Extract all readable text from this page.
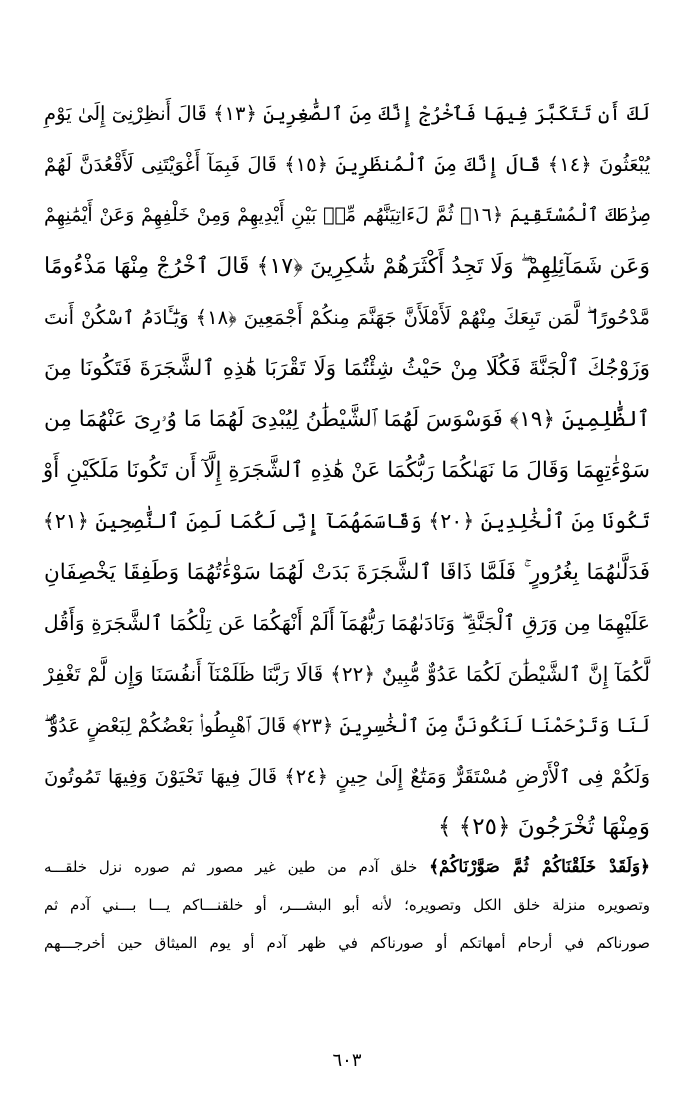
لَكَ أَن تَتَكَبَّرَ فِيهَا فَٱخْرُجْ إِنَّكَ مِنَ ٱلصَّٰغِرِينَ ﴿١٣﴾ قَالَ أَنظِرْنِىٓ إِلَىٰ يَوْمِ
يُبْعَثُونَ ﴿١٤﴾ قَالَ إِنَّكَ مِنَ ٱلْمُنظَرِينَ ﴿١٥﴾ قَالَ فَبِمَآ أَغْوَيْتَنِى لَأَقْعُدَنَّ لَهُمْ
صِرَٰطَكَ ٱلْمُسْتَقِيمَ ﴿١٦﴾ ثُمَّ لَءَاتِيَنَّهُم مِّنۢ بَيْنِ أَيْدِيهِمْ وَمِنْ خَلْفِهِمْ وَعَنْ أَيْمَٰنِهِمْ
وَعَن شَمَآئِلِهِمْ ۖ وَلَا تَجِدُ أَكْثَرَهُمْ شَٰكِرِينَ ﴿١٧﴾ قَالَ ٱخْرُجْ مِنْهَا مَذْءُومًا
مَّدْحُورًا ۖ لَّمَن تَبِعَكَ مِنْهُمْ لَأَمْلَأَنَّ جَهَنَّمَ مِنكُمْ أَجْمَعِينَ ﴿١٨﴾ وَيَٰٓـَٔادَمُ ٱسْكُنْ أَنتَ
وَزَوْجُكَ ٱلْجَنَّةَ فَكُلَا مِنْ حَيْثُ شِئْتُمَا وَلَا تَقْرَبَا هَٰذِهِ ٱلشَّجَرَةَ فَتَكُونَا مِنَ
ٱلظَّٰلِمِينَ ﴿١٩﴾ فَوَسْوَسَ لَهُمَا ٱلشَّيْطَٰنُ لِيُبْدِىَ لَهُمَا مَا وُۥرِىَ عَنْهُمَا مِن
سَوْءَٰتِهِمَا وَقَالَ مَا نَهَىٰكُمَا رَبُّكُمَا عَنْ هَٰذِهِ ٱلشَّجَرَةِ إِلَّآ أَن تَكُونَا مَلَكَيْنِ أَوْ
تَكُونَا مِنَ ٱلْخَٰلِدِينَ ﴿٢٠﴾ وَقَاسَمَهُمَآ إِنِّى لَكُمَا لَمِنَ ٱلنَّٰصِحِينَ ﴿٢١﴾
فَدَلَّىٰهُمَا بِغُرُورٍ ۚ فَلَمَّا ذَاقَا ٱلشَّجَرَةَ بَدَتْ لَهُمَا سَوْءَٰتُهُمَا وَطَفِقَا يَخْصِفَانِ
عَلَيْهِمَا مِن وَرَقِ ٱلْجَنَّةِ ۖ وَنَادَىٰهُمَا رَبُّهُمَآ أَلَمْ أَنْهَكُمَا عَن تِلْكُمَا ٱلشَّجَرَةِ وَأَقُل
لَّكُمَآ إِنَّ ٱلشَّيْطَٰنَ لَكُمَا عَدُوٌّ مُّبِينٌ ﴿٢٢﴾ قَالَا رَبَّنَا ظَلَمْنَآ أَنفُسَنَا وَإِن لَّمْ تَغْفِرْ
لَنَا وَتَرْحَمْنَا لَنَكُونَنَّ مِنَ ٱلْخَٰسِرِينَ ﴿٢٣﴾ قَالَ ٱهْبِطُوا۟ بَعْضُكُمْ لِبَعْضٍ عَدُوٌّ ۖ
وَلَكُمْ فِى ٱلْأَرْضِ مُسْتَقَرٌّ وَمَتَٰعٌ إِلَىٰ حِينٍ ﴿٢٤﴾ قَالَ فِيهَا تَحْيَوْنَ وَفِيهَا تَمُوتُونَ
وَمِنْهَا تُخْرَجُونَ ﴿٢٥﴾ ﴾
﴿وَلَقَدْ خَلَقْنَاكُمْ ثُمَّ صَوَّرْنَاكُمْ﴾ خلق آدم من طين غير مصور ثم صوره نزل خلقـــه
وتصويره منزلة خلق الكل وتصويره؛ لأنه أبو البشـــر، أو خلقنـــاكم يـــا بـــني آدم ثم
صورناكم في أرحام أمهاتكم أو صورناكم في ظهر آدم أو يوم الميثاق حين أخرجـــهم
٦٠٣
